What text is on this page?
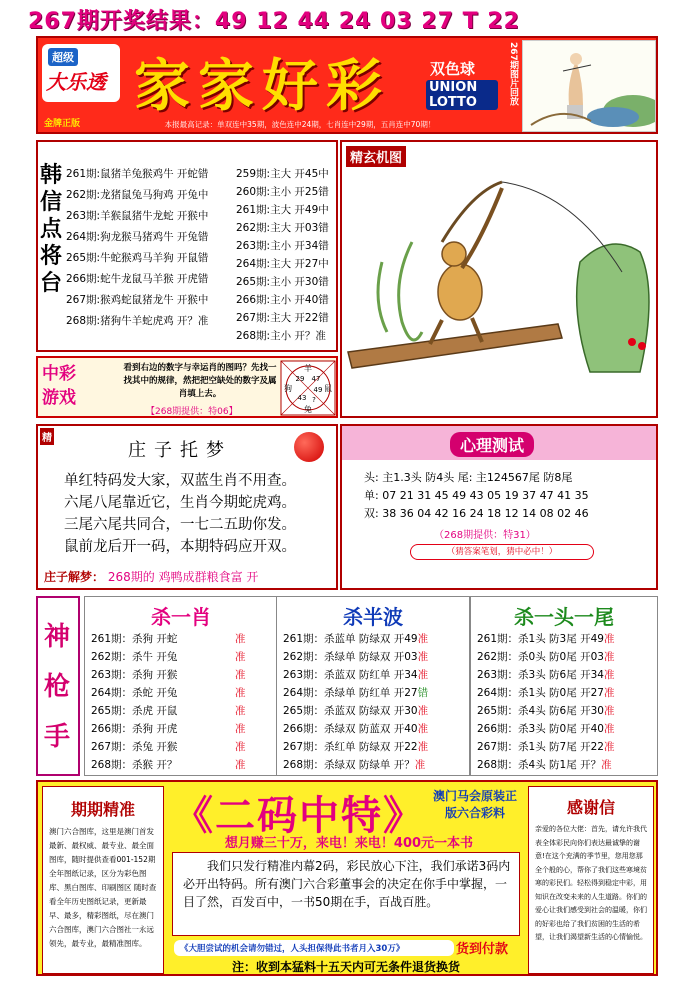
267期开奖结果：49 12 44 24 03 27 T 22
超级
大乐透
金牌正版
家家好彩	双色球
UNION LOTTO	267期图片回放
本报最高记录：单双连中35期，波色连中24期，七肖连中29期，五肖连中70期！
韩信点将台
261期:鼠猪羊兔猴鸡牛 开蛇错
262期:龙猪鼠兔马狗鸡 开兔中
263期:羊猴鼠猪牛龙蛇 开猴中
264期:狗龙猴马猪鸡牛 开兔错
265期:牛蛇猴鸡马羊狗 开鼠错
266期:蛇牛龙鼠马羊猴 开虎错
267期:猴鸡蛇鼠猪龙牛 开猴中
268期:猪狗牛羊蛇虎鸡 开？准
259期:主大 开45中
260期:主小 开25错
261期:主大 开49中
262期:主大 开03错
263期:主小 开34错
264期:主大 开27中
265期:主小 开30错
266期:主小 开40错
267期:主大 开22错
268期:主小 开？准
中彩游戏
看到右边的数字与幸运肖的图吗？先找一找其中的规律，然把把空缺处的数字及属肖填上去。
【268期提供：特06】
羊
狗	鼠
兔
29 47
49
43 ?
精玄机图
精
庄子托梦
单红特码发大家，双蓝生肖不用查。
六尾八尾靠近它，生肖今期蛇虎鸡。
三尾六尾共同合，一七二五助你发。
鼠前龙后开一码，本期特码应开双。
庄子解梦： 268期的 鸡鸭成群粮食富 开
心理测试
头: 主1.3头 防4头 尾: 主124567尾 防8尾
单: 07 21 31 45 49 43 05 19 37 47 41 35
双: 38 36 04 42 16 24 18 12 14 08 02 46
（268期提供：特31）
（猜答案笔划，猜中必中！）
神枪手
杀一肖
261期：杀狗 开蛇	准
262期：杀牛 开兔	准
263期：杀狗 开猴	准
264期：杀蛇 开兔	准
265期：杀虎 开鼠	准
266期：杀狗 开虎	准
267期：杀兔 开猴	准
268期：杀猴 开？	准
杀半波
261期：杀蓝单 防绿双 开49准
262期：杀绿单 防绿双 开03准
263期：杀蓝双 防红单 开34准
264期：杀绿单 防红单 开27错
265期：杀蓝双 防绿双 开30准
266期：杀绿双 防蓝双 开40准
267期：杀红单 防绿双 开22准
268期：杀绿双 防绿单 开？准
杀一头一尾
261期：杀1头 防3尾 开49准
262期：杀0头 防0尾 开03准
263期：杀3头 防6尾 开34准
264期：杀1头 防0尾 开27准
265期：杀4头 防6尾 开30准
266期：杀3头 防0尾 开40准
267期：杀1头 防7尾 开22准
268期：杀4头 防1尾 开？准
期期精准
澳门六合图库，这里是澳门首发最新、最权威、最专业、最全面图库，随时提供查看001-152期全年图纸记录，区分为彩色图库、黑白图库、印刷图区 随时查看全年历史图纸记录，更新最早、最多，精彩图纸，尽在澳门六合图库，澳门六合图社一永远领先，最专业，最精准图库。
《二码中特》 澳门马会原装正版六合彩料
想月赚三十万，来电！来电！400元一本书
我们只发行精准内幕2码，彩民放心下注，我们承诺3码内必开出特码。所有澳门六合彩董事会的决定在你手中掌握，一目了然，百发百中，一书50期在手，百战百胜。
《大胆尝试的机会请勿错过，人头担保得此书者月入30万》	货到付款
注：收到本猛料十五天内可无条件退货换货
感谢信
亲爱的各位大佬：首先，请允许我代表全体彩民向你们表达最诚挚的谢意!在这个充满的季节里，您用您那全个般的心，帮你了我们这些寒境贫寒的彩民们。轻松得到稳定中彩，用知识在改变未来的人生道路。你们的爱心让我们感受到社会的温暖，你们的好彩也给了我们贫困的生活的希望，让我们渴望新生活的心情愉悦。
